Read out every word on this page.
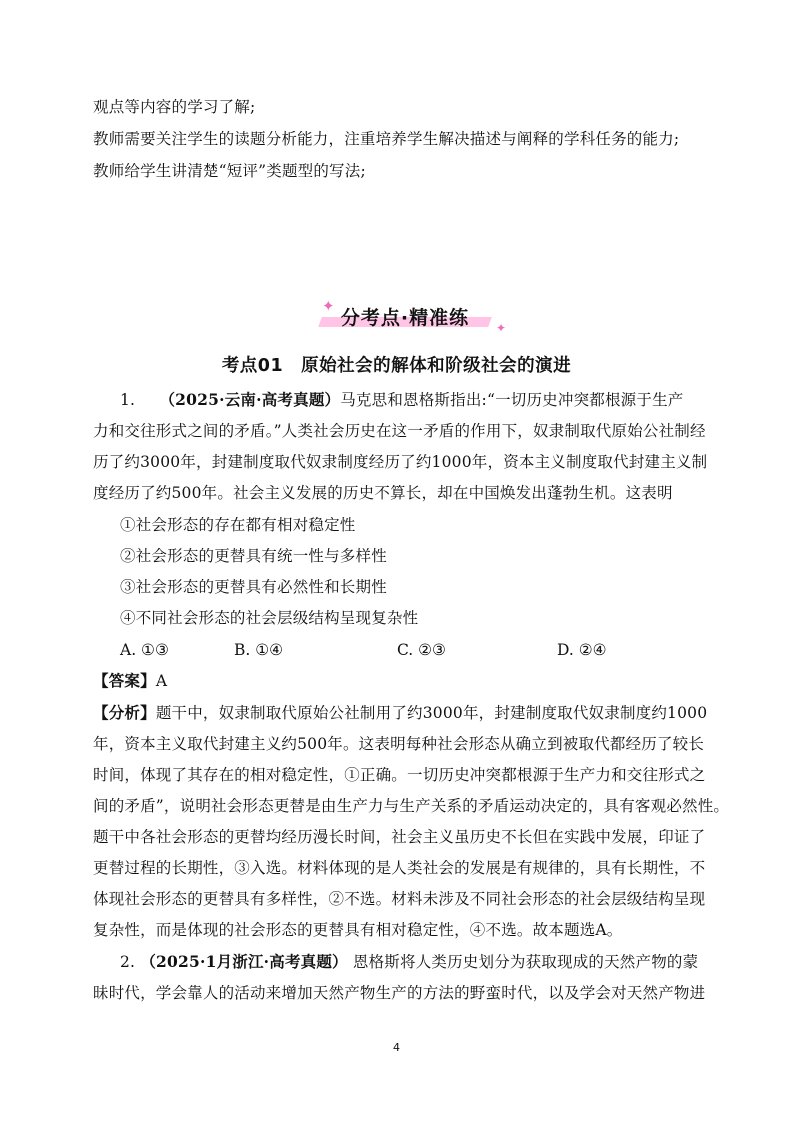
观点等内容的学习了解;
教师需要关注学生的读题分析能力，注重培养学生解决描述与阐释的学科任务的能力;
教师给学生讲清楚“短评”类题型的写法;
✦
✦
分考点·精准练
考点01　原始社会的解体和阶级社会的演进
1. （2025·云南·高考真题）马克思和恩格斯指出:“一切历史冲突都根源于生产
力和交往形式之间的矛盾。”人类社会历史在这一矛盾的作用下，奴隶制取代原始公社制经
历了约3000年，封建制度取代奴隶制度经历了约1000年，资本主义制度取代封建主义制
度经历了约500年。社会主义发展的历史不算长，却在中国焕发出蓬勃生机。这表明
①社会形态的存在都有相对稳定性
②社会形态的更替具有统一性与多样性
③社会形态的更替具有必然性和长期性
④不同社会形态的社会层级结构呈现复杂性
A. ①③	B. ①④	C. ②③	D. ②④
【答案】A
【分析】题干中，奴隶制取代原始公社制用了约3000年，封建制度取代奴隶制度约1000
年，资本主义取代封建主义约500年。这表明每种社会形态从确立到被取代都经历了较长
时间，体现了其存在的相对稳定性，①正确。一切历史冲突都根源于生产力和交往形式之
间的矛盾”，说明社会形态更替是由生产力与生产关系的矛盾运动决定的，具有客观必然性。
题干中各社会形态的更替均经历漫长时间，社会主义虽历史不长但在实践中发展，印证了
更替过程的长期性，③入选。材料体现的是人类社会的发展是有规律的，具有长期性，不
体现社会形态的更替具有多样性，②不选。材料未涉及不同社会形态的社会层级结构呈现
复杂性，而是体现的社会形态的更替具有相对稳定性，④不选。故本题选A。
2. （2025·1月浙江·高考真题） 恩格斯将人类历史划分为获取现成的天然产物的蒙
昧时代，学会靠人的活动来增加天然产物生产的方法的野蛮时代，以及学会对天然产物进
4
